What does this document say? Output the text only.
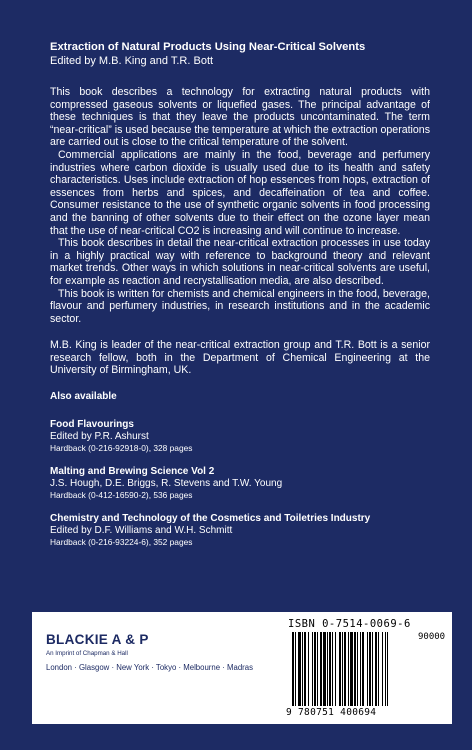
Extraction of Natural Products Using Near-Critical Solvents

Edited by M.B. King and T.R. Bott

This book describes a technology for extracting natural products with compressed gaseous solvents or liquefied gases. The principal advantage of these techniques is that they leave the products uncontaminated. The term “near-critical” is used because the temperature at which the extraction operations are carried out is close to the critical temperature of the solvent.

Commercial applications are mainly in the food, beverage and perfumery industries where carbon dioxide is usually used due to its health and safety characteristics. Uses include extraction of hop essences from hops, extraction of essences from herbs and spices, and decaffeination of tea and coffee. Consumer resistance to the use of synthetic organic solvents in food processing and the banning of other solvents due to their effect on the ozone layer mean that the use of near-critical CO2 is increasing and will continue to increase.

This book describes in detail the near-critical extraction processes in use today in a highly practical way with reference to background theory and relevant market trends. Other ways in which solutions in near-critical solvents are useful, for example as reaction and recrystallisation media, are also described.

This book is written for chemists and chemical engineers in the food, beverage, flavour and perfumery industries, in research institutions and in the academic sector.

M.B. King is leader of the near-critical extraction group and T.R. Bott is a senior research fellow, both in the Department of Chemical Engineering at the University of Birmingham, UK.
Also available
Food Flavourings
Edited by P.R. Ashurst
Hardback (0-216-92918-0), 328 pages
Malting and Brewing Science Vol 2
J.S. Hough, D.E. Briggs, R. Stevens and T.W. Young
Hardback (0-412-16590-2), 536 pages
Chemistry and Technology of the Cosmetics and Toiletries Industry
Edited by D.F. Williams and W.H. Schmitt
Hardback (0-216-93224-6), 352 pages
BLACKIE A & P
An Imprint of Chapman & Hall
London · Glasgow · New York · Tokyo · Melbourne · Madras
ISBN 0-7514-0069-6
90000
9 780751 400694
